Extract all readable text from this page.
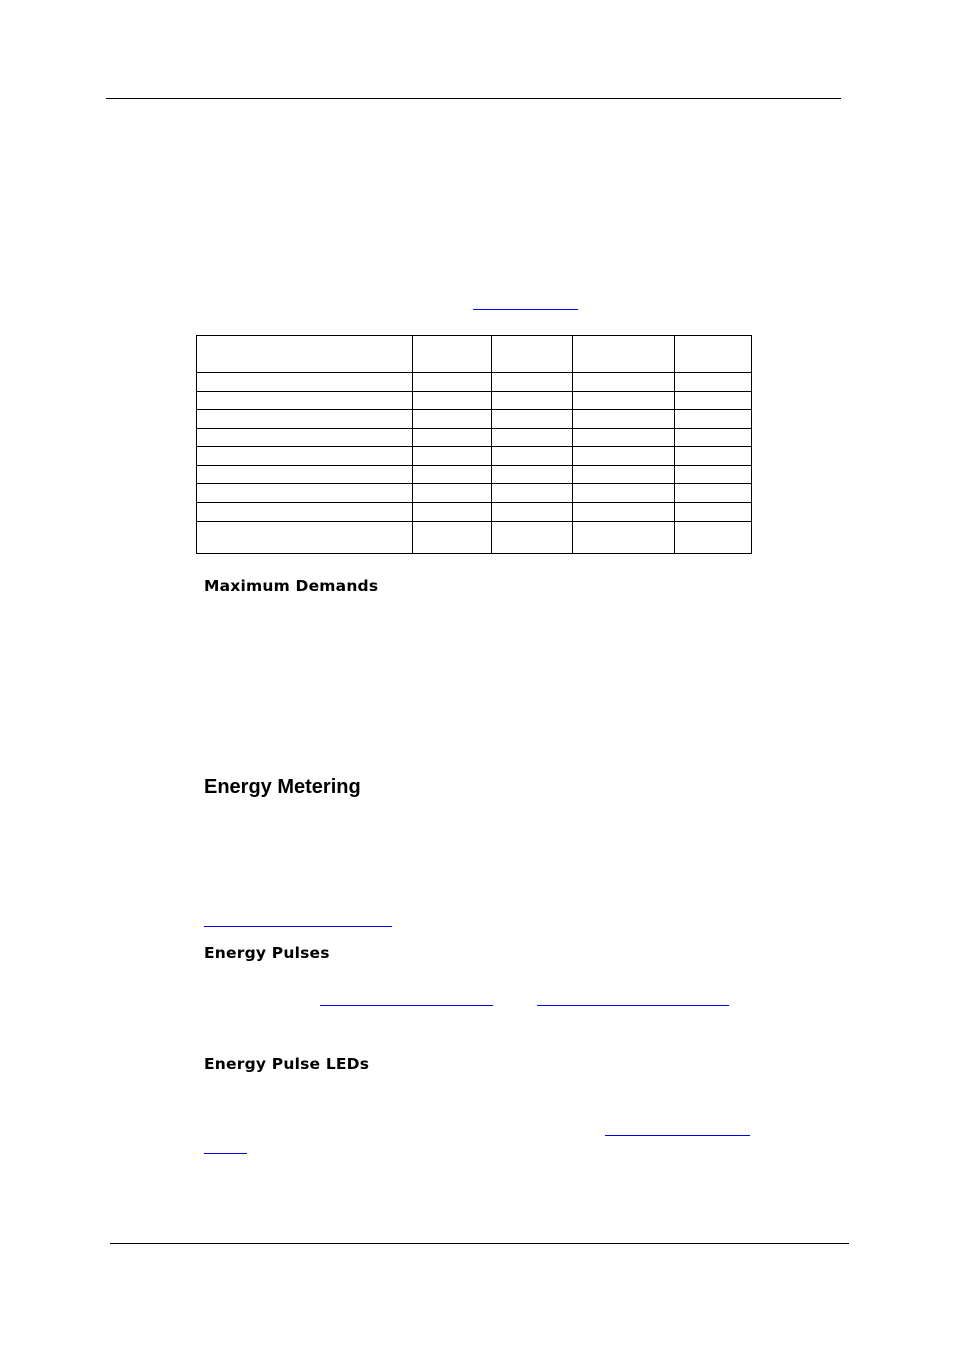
Maximum Demands
Energy Metering
Energy Pulses
Energy Pulse LEDs
